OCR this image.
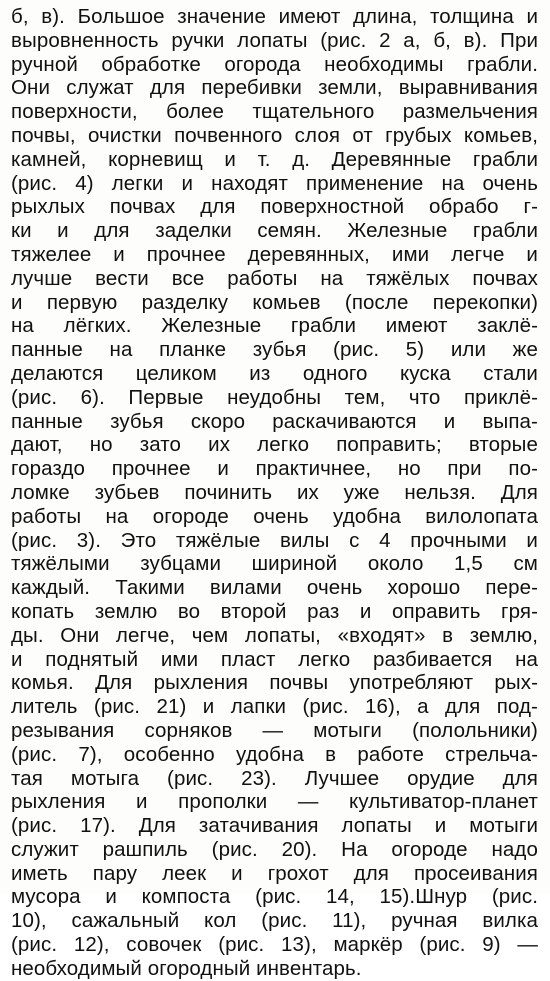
б, в). Большое значение имеют длина, толщина и

выровненность ручки лопаты (рис. 2 а, б, в). При

ручной обработке огорода необходимы грабли.

Они служат для перебивки земли, выравнивания

поверхности, более тщательного размельчения

почвы, очистки почвенного слоя от грубых комьев,

камней, корневищ и т. д. Деревянные грабли

(рис. 4) легки и находят применение на очень

рыхлых почвах для поверхностной обрабо г-

ки и для заделки семян. Железные грабли

тяжелее и прочнее деревянных, ими легче и

лучше вести все работы на тяжёлых почвах

и первую разделку комьев (после перекопки)

на лёгких. Железные грабли имеют заклё-

панные на планке зубья (рис. 5) или же

делаются целиком из одного куска стали

(рис. 6). Первые неудобны тем, что приклё-

панные зубья скоро раскачиваются и выпа-

дают, но зато их легко поправить; вторые

гораздо прочнее и практичнее, но при по-

ломке зубьев починить их уже нельзя. Для

работы на огороде очень удобна вилолопата

(рис. 3). Это тяжёлые вилы с 4 прочными и

тяжёлыми зубцами шириной около 1,5 см

каждый. Такими вилами очень хорошо пере-

копать землю во второй раз и оправить гря-

ды. Они легче, чем лопаты, «входят» в землю,

и поднятый ими пласт легко разбивается на

комья. Для рыхления почвы употребляют рых-

литель (рис. 21) и лапки (рис. 16), а для под-

резывания сорняков — мотыги (полольники)

(рис. 7), особенно удобна в работе стрельча-

тая мотыга (рис. 23). Лучшее орудие для

рыхления и прополки — культиватор-планет

(рис. 17). Для затачивания лопаты и мотыги

служит рашпиль (рис. 20). На огороде надо

иметь пару леек и грохот для просеивания

мусора и компоста (рис. 14, 15).Шнур (рис.

10), сажальный кол (рис. 11), ручная вилка

(рис. 12), совочек (рис. 13), маркёр (рис. 9) —

необходимый огородный инвентарь.
